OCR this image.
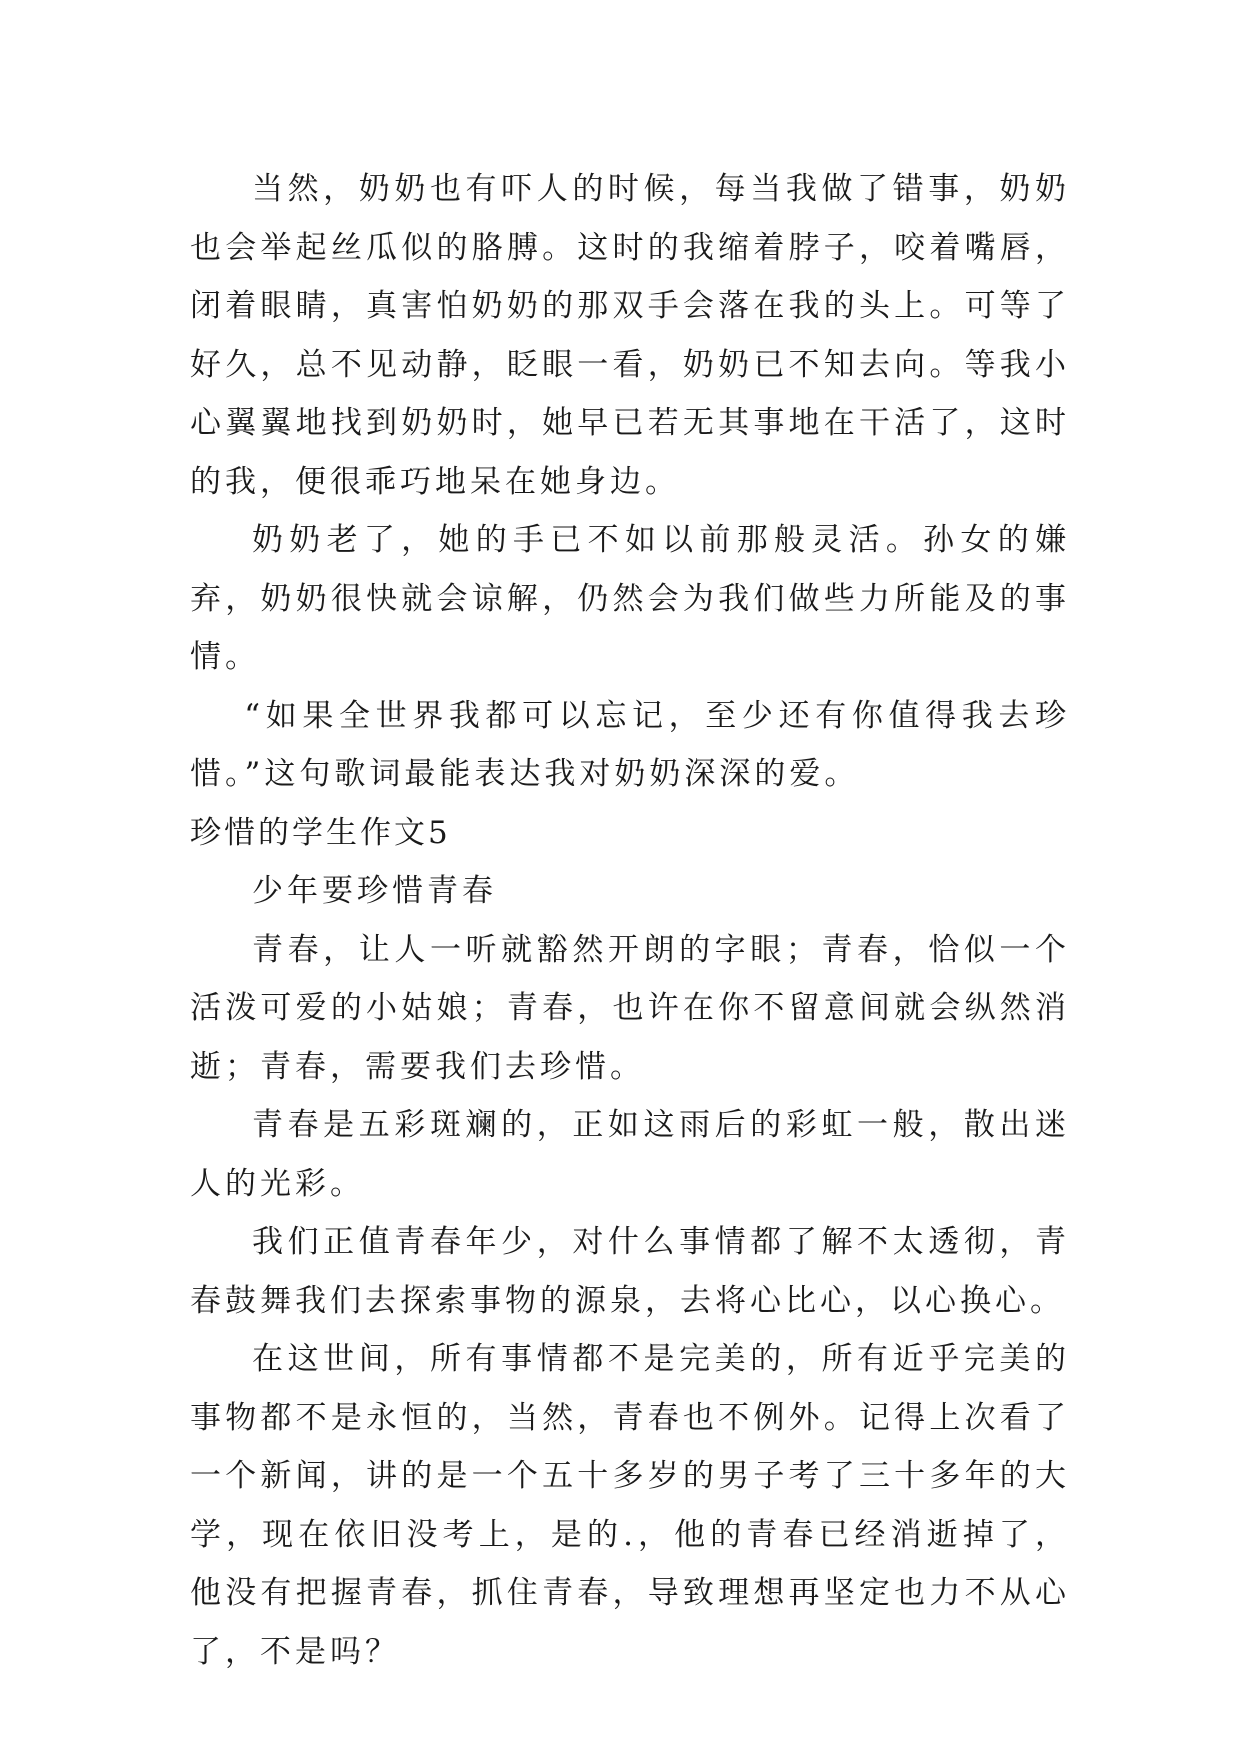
当然，奶奶也有吓人的时候，每当我做了错事，奶奶也会举起丝瓜似的胳膊。这时的我缩着脖子，咬着嘴唇，闭着眼睛，真害怕奶奶的那双手会落在我的头上。可等了好久，总不见动静，眨眼一看，奶奶已不知去向。等我小心翼翼地找到奶奶时，她早已若无其事地在干活了，这时的我，便很乖巧地呆在她身边。

奶奶老了，她的手已不如以前那般灵活。孙女的嫌弃，奶奶很快就会谅解，仍然会为我们做些力所能及的事情。

“如果全世界我都可以忘记，至少还有你值得我去珍惜。”这句歌词最能表达我对奶奶深深的爱。

珍惜的学生作文5

少年要珍惜青春

青春，让人一听就豁然开朗的字眼；青春，恰似一个活泼可爱的小姑娘；青春，也许在你不留意间就会纵然消逝；青春，需要我们去珍惜。

青春是五彩斑斓的，正如这雨后的彩虹一般，散出迷人的光彩。

我们正值青春年少，对什么事情都了解不太透彻，青春鼓舞我们去探索事物的源泉，去将心比心，以心换心。

在这世间，所有事情都不是完美的，所有近乎完美的事物都不是永恒的，当然，青春也不例外。记得上次看了一个新闻，讲的是一个五十多岁的男子考了三十多年的大学，现在依旧没考上，是的.，他的青春已经消逝掉了，他没有把握青春，抓住青春，导致理想再坚定也力不从心了，不是吗？
